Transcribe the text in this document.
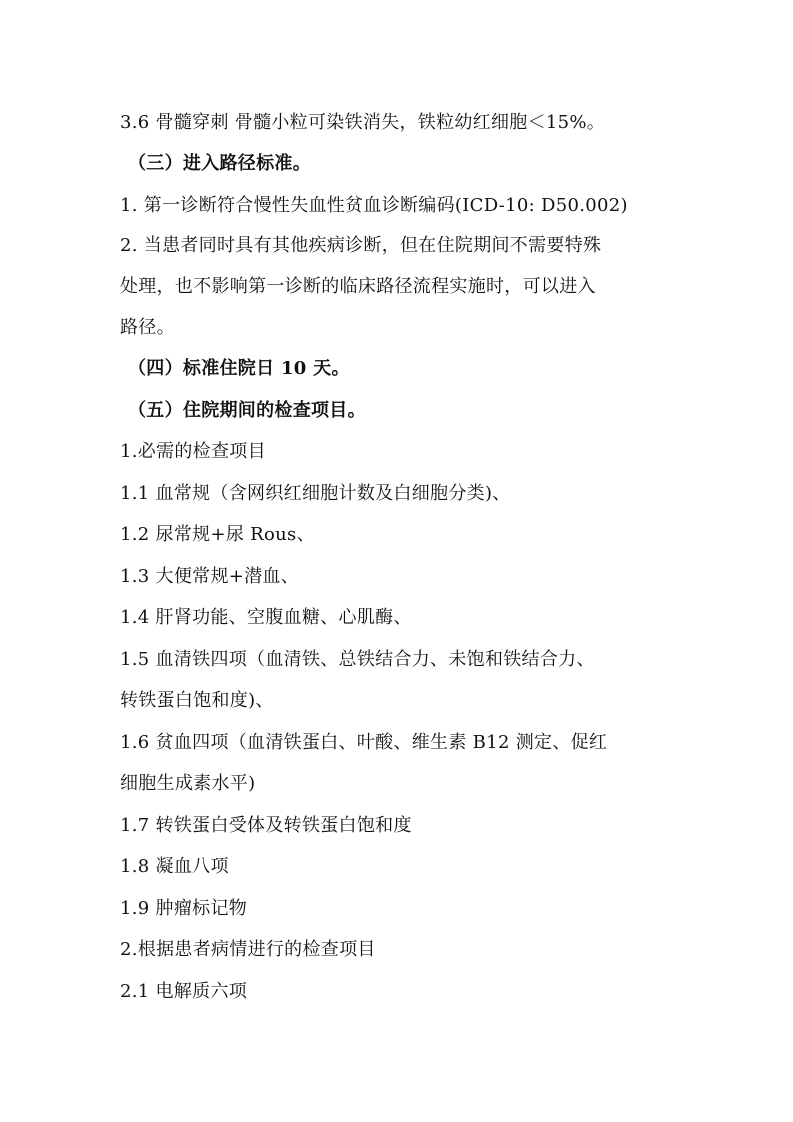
3.6 骨髓穿刺 骨髓小粒可染铁消失，铁粒幼红细胞＜15%。
（三）进入路径标准。
1. 第一诊断符合慢性失血性贫血诊断编码(ICD-10: D50.002)
2. 当患者同时具有其他疾病诊断，但在住院期间不需要特殊
处理，也不影响第一诊断的临床路径流程实施时，可以进入
路径。
（四）标准住院日 10 天。
（五）住院期间的检查项目。
1.必需的检查项目
1.1 血常规（含网织红细胞计数及白细胞分类)、
1.2 尿常规+尿 Rous、
1.3 大便常规+潜血、
1.4 肝肾功能、空腹血糖、心肌酶、
1.5 血清铁四项（血清铁、总铁结合力、未饱和铁结合力、
转铁蛋白饱和度)、
1.6 贫血四项（血清铁蛋白、叶酸、维生素 B12 测定、促红
细胞生成素水平)
1.7 转铁蛋白受体及转铁蛋白饱和度
1.8 凝血八项
1.9 肿瘤标记物
2.根据患者病情进行的检查项目
2.1 电解质六项
